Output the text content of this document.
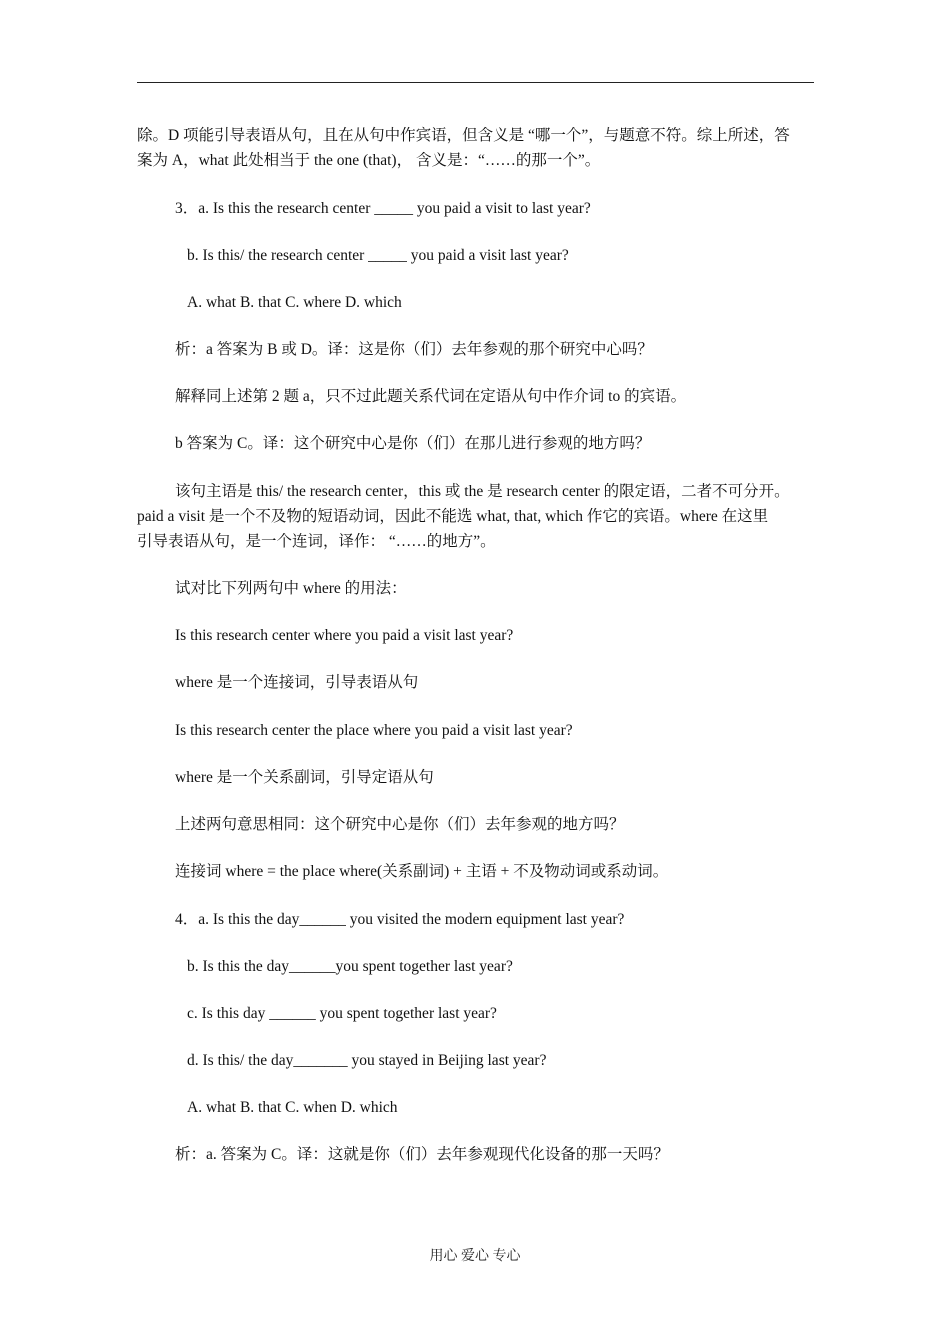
除。D 项能引导表语从句，且在从句中作宾语，但含义是 “哪一个”，与题意不符。综上所述，答
案为 A，what 此处相当于 the one (that)， 含义是：“……的那一个”。
3．a. Is this the research center _____ you paid a visit to last year?
b. Is this/ the research center _____ you paid a visit last year?
A. what B. that C. where D. which
析：a 答案为 B 或 D。译：这是你（们）去年参观的那个研究中心吗？
解释同上述第 2 题 a，只不过此题关系代词在定语从句中作介词 to 的宾语。
b 答案为 C。译：这个研究中心是你（们）在那儿进行参观的地方吗？
该句主语是 this/ the research center，this 或 the 是 research center 的限定语，二者不可分开。
paid a visit 是一个不及物的短语动词，因此不能选 what, that, which 作它的宾语。where 在这里
引导表语从句，是一个连词，译作： “……的地方”。
试对比下列两句中 where 的用法：
Is this research center where you paid a visit last year?
where 是一个连接词，引导表语从句
Is this research center the place where you paid a visit last year?
where 是一个关系副词，引导定语从句
上述两句意思相同：这个研究中心是你（们）去年参观的地方吗？
连接词 where = the place where(关系副词) + 主语 + 不及物动词或系动词。
4．a. Is this the day______ you visited the modern equipment last year?
b. Is this the day______you spent together last year?
c. Is this day ______ you spent together last year?
d. Is this/ the day_______ you stayed in Beijing last year?
A. what B. that C. when D. which
析：a. 答案为 C。译：这就是你（们）去年参观现代化设备的那一天吗？
用心 爱心 专心
